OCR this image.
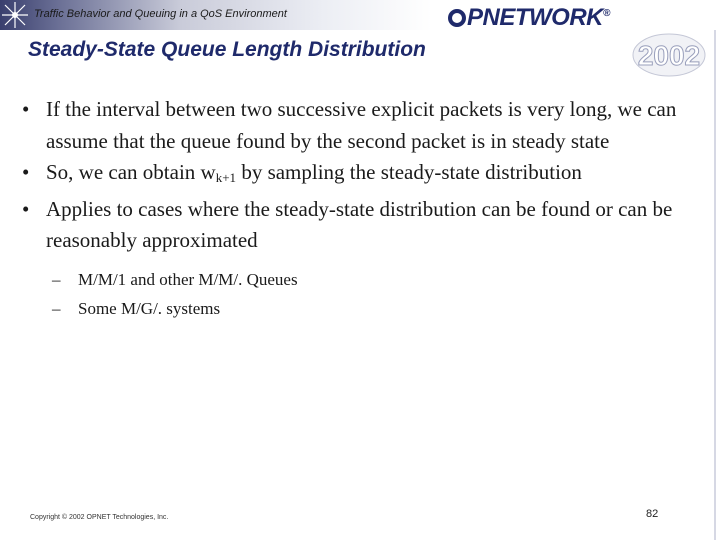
Traffic Behavior and Queuing in a QoS Environment	PNETWORK®
2002
Steady-State Queue Length Distribution
• If the interval between two successive explicit packets is very long, we can assume that the queue found by the second packet is in steady state
• So, we can obtain $w_{k+1}$ by sampling the steady-state distribution
• Applies to cases where the steady-state distribution can be found or can be reasonably approximated
–	M/M/1 and other M/M/. Queues
–	Some M/G/. systems
Copyright © 2002 OPNET Technologies, Inc.	82
